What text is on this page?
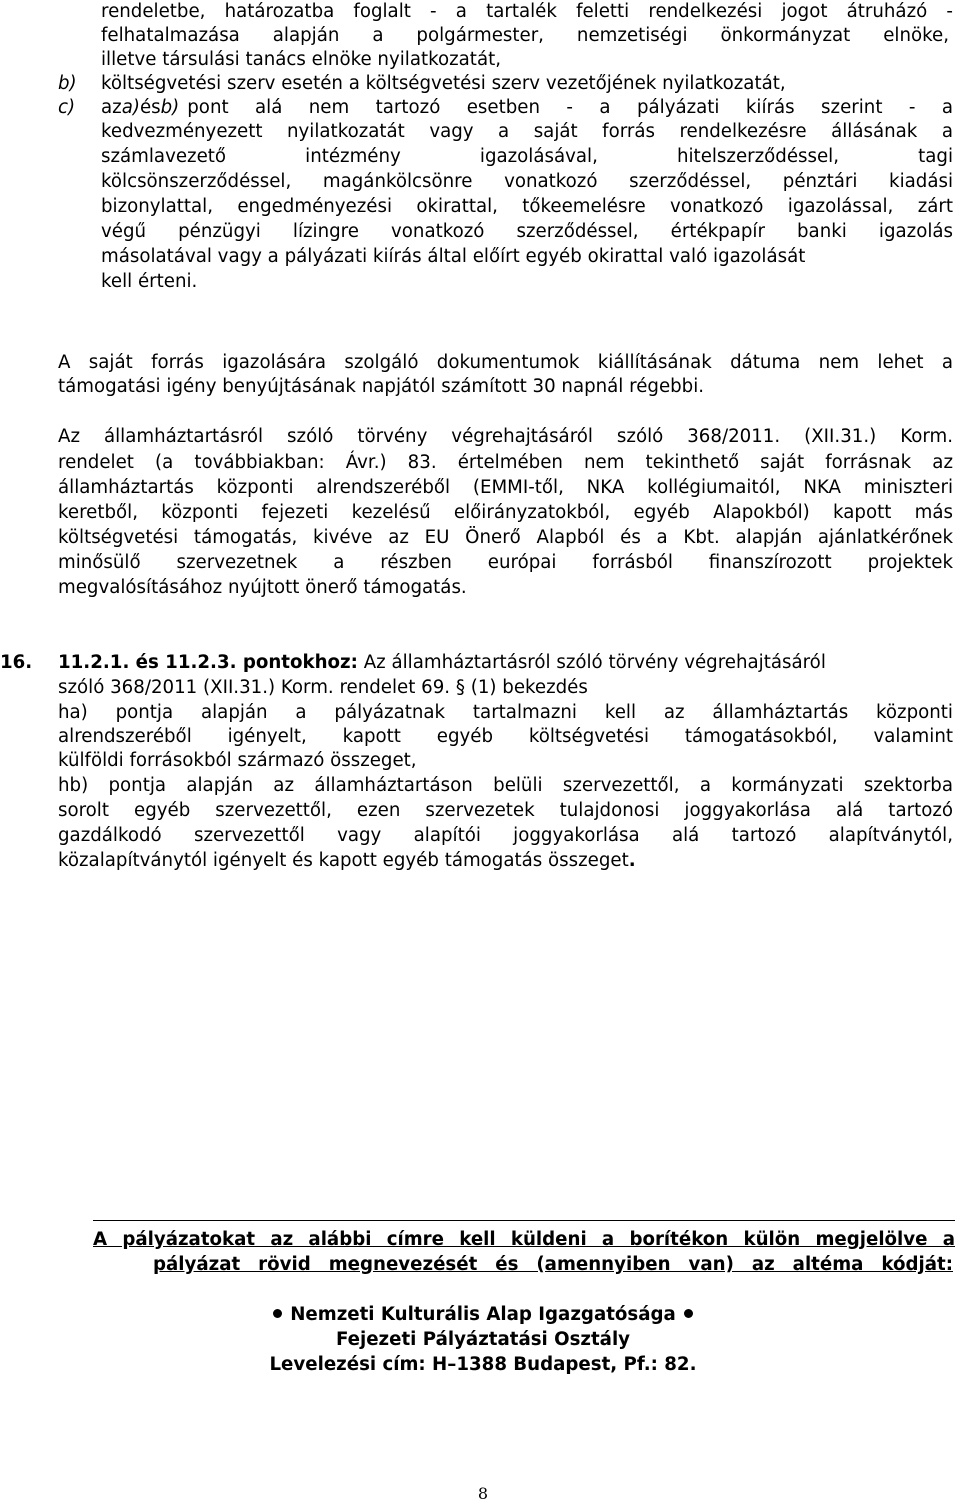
rendeletbe, határozatba foglalt - a tartalék feletti rendelkezési jogot átruházó -
felhatalmazása alapján a polgármester, nemzetiségi önkormányzat elnöke,
illetve társulási tanács elnöke nyilatkozatát,
b) költségvetési szerv esetén a költségvetési szerv vezetőjének nyilatkozatát,
c) az a) és b) pont alá nem tartozó esetben - a pályázati kiírás szerint - a
kedvezményezett nyilatkozatát vagy a saját forrás rendelkezésre állásának a
számlavezető intézmény igazolásával, hitelszerződéssel, tagi
kölcsönszerződéssel, magánkölcsönre vonatkozó szerződéssel, pénztári kiadási
bizonylattal, engedményezési okirattal, tőkeemelésre vonatkozó igazolással, zárt
végű pénzügyi lízingre vonatkozó szerződéssel, értékpapír banki igazolás
másolatával vagy a pályázati kiírás által előírt egyéb okirattal való igazolását
kell érteni.
A saját forrás igazolására szolgáló dokumentumok kiállításának dátuma nem lehet a
támogatási igény benyújtásának napjától számított 30 napnál régebbi.
Az államháztartásról szóló törvény végrehajtásáról szóló 368/2011. (XII.31.) Korm.
rendelet (a továbbiakban: Ávr.) 83. értelmében nem tekinthető saját forrásnak az
államháztartás központi alrendszeréből (EMMI-től, NKA kollégiumaitól, NKA miniszteri
keretből, központi fejezeti kezelésű előirányzatokból, egyéb Alapokból) kapott más
költségvetési támogatás, kivéve az EU Önerő Alapból és a Kbt. alapján ajánlatkérőnek
minősülő szervezetnek a részben európai forrásból finanszírozott projektek
megvalósításához nyújtott önerő támogatás.
16. 11.2.1. és 11.2.3. pontokhoz: Az államháztartásról szóló törvény végrehajtásáról
szóló 368/2011 (XII.31.) Korm. rendelet 69. § (1) bekezdés
ha) pontja alapján a pályázatnak tartalmazni kell az államháztartás központi
alrendszeréből igényelt, kapott egyéb költségvetési támogatásokból, valamint
külföldi forrásokból származó összeget,
hb) pontja alapján az államháztartáson belüli szervezettől, a kormányzati szektorba
sorolt egyéb szervezettől, ezen szervezetek tulajdonosi joggyakorlása alá tartozó
gazdálkodó szervezettől vagy alapítói joggyakorlása alá tartozó alapítványtól,
közalapítványtól igényelt és kapott egyéb támogatás összeget.
A pályázatokat az alábbi címre kell küldeni a borítékon külön megjelölve a
pályázat rövid megnevezését és (amennyiben van) az altéma kódját:
Nemzeti Kulturális Alap Igazgatósága
Fejezeti Pályáztatási Osztály
Levelezési cím: H–1388 Budapest, Pf.: 82.
8
